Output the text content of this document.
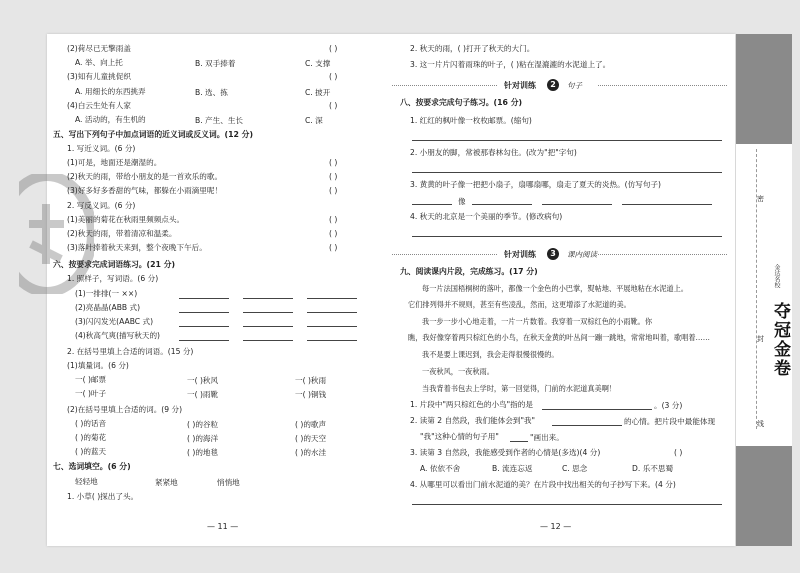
(2)荷尽已无擎雨盖	( )
A. 举、向上托	B. 双手捧着	C. 支撑
(3)知有儿童挑促织	( )
A. 用细长的东西挑弄	B. 选、拣	C. 披开
(4)白云生处有人家	( )
A. 活动的，有生机的	B. 产生、生长	C. 深
五、写出下列句子中加点词语的近义词或反义词。(12 分)
1. 写近义词。(6 分)
(1)可是，地面还是潮湿的。	( )
(2)秋天的雨，带给小朋友的是一首欢乐的歌。	( )
(3)好多好多香甜的气味，都躲在小雨滴里呢！	( )
2. 写反义词。(6 分)
(1)美丽的菊花在秋雨里频频点头。	( )
(2)秋天的雨，带着清凉和温柔。	( )
(3)落叶捧着秋天来到，整个夜晚下午后。	( )
六、按要求完成词语练习。(21 分)
1. 照样子，写词语。(6 分)
(1)一排排(一 ××)
(2)亮晶晶(ABB 式)
(3)闪闪发光(AABC 式)
(4)秋高气爽(描写秋天的)
2. 在括号里填上合适的词语。(15 分)
(1)填量词。(6 分)
一( )邮票	一( )秋风	一( )秋雨
一( )叶子	一( )雨靴	一( )铜钱
(2)在括号里填上合适的词。(9 分)
( )的话音	( )的谷粒	( )的歌声
( )的菊花	( )的海洋	( )的天空
( )的蓝天	( )的地毯	( )的水洼
七、选词填空。(6 分)
轻轻地	紧紧地	悄悄地
1. 小草( )探出了头。
— 11 —
2. 秋天的雨，( )打开了秋天的大门。
3. 这一片片闪着雨珠的叶子，( )粘在湿漉漉的水泥道上了。
针对训练	2	句子
八、按要求完成句子练习。(16 分)
1. 红红的枫叶像一枚枚邮票。(缩句)
2. 小朋友的脚，常被那春林勾住。(改为"把"字句)
3. 黄黄的叶子像一把把小扇子，扇哪扇哪，扇走了夏天的炎热。(仿写句子)
4. 秋天的北京是一个美丽的季节。(修改病句)
像
针对训练	3	课内阅读
九、阅读课内片段，完成练习。(17 分)
每一片法国梧桐树的落叶，都像一个金色的小巴掌，熨帖地、平展地粘在水泥道上。
它们排列得并不规则，甚至有些凌乱，然而，这更增添了水泥道的美。
我一步一步小心地走着，一片一片数着。我穿着一双棕红色的小雨靴。你
瞧，我好像穿着两只棕红色的小鸟，在秋天金黄的叶丛间一蹦一跳地，常常地叫着，歌唱着……
我不是要上课迟到，我会走得很慢很慢的。
一夜秋风，一夜秋雨。
当我背着书包去上学时，第一回觉得，门前的水泥道真美啊！
1. 片段中"两只棕红色的小鸟"指的是	。(3 分)
2. 读第 2 自然段，我们能体会到"我"	的心情。把片段中最能体现
"我"这种心情的句子用"	"画出来。
3. 读第 3 自然段，我能感受到作者的心情是(多选)(4 分)	( )
A. 依依不舍	B. 流连忘返	C. 思念	D. 乐不思蜀
4. 从哪里可以看出门前水泥道的美？在片段中找出相关的句子抄写下来。(4 分)
— 12 —
密
封
线
金达名校
夺冠金卷
